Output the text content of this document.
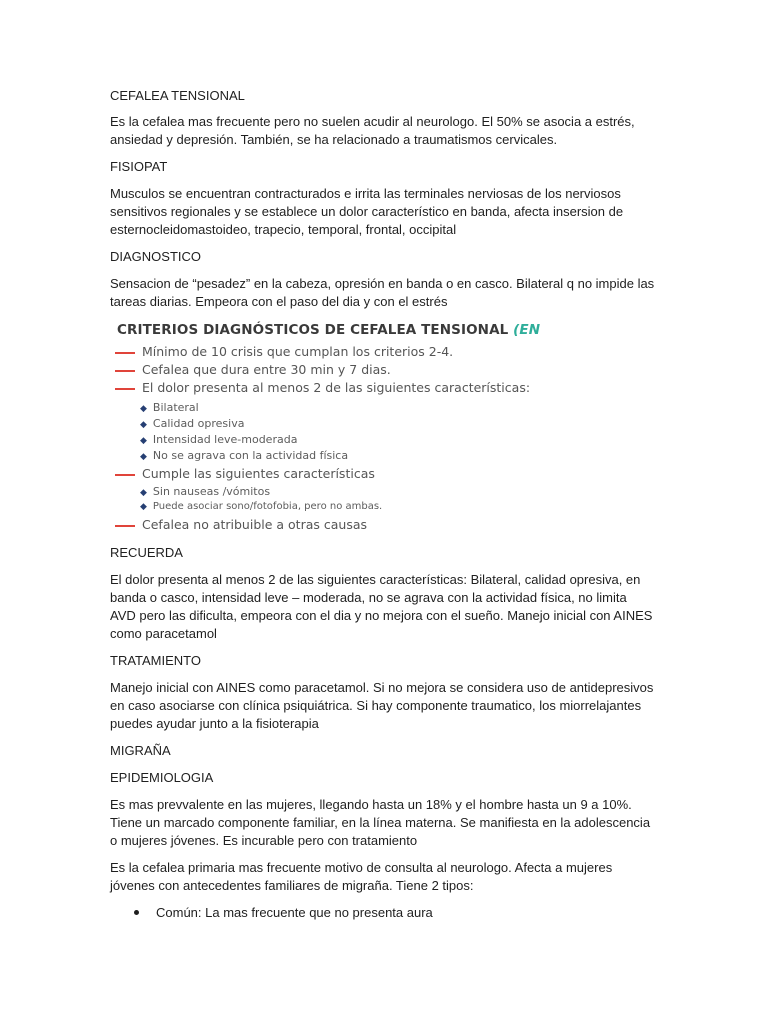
CEFALEA TENSIONAL

Es la cefalea mas frecuente pero no suelen acudir al neurologo. El 50% se asocia a estrés, ansiedad y depresión. También, se ha relacionado a traumatismos cervicales.

FISIOPAT

Musculos se encuentran contracturados e irrita las terminales nerviosas de los nerviosos sensitivos regionales y se establece un dolor característico en banda, afecta insersion de esternocleidomastoideo, trapecio, temporal, frontal, occipital

DIAGNOSTICO

Sensacion de “pesadez” en la cabeza, opresión en banda o en casco. Bilateral q no impide las tareas diarias. Empeora con el paso del dia y con el estrés

CRITERIOS DIAGNÓSTICOS DE CEFALEA TENSIONAL (EN
Mínimo de 10 crisis que cumplan los criterios 2-4.
Cefalea que dura entre 30 min y 7 dias.
El dolor presenta al menos 2 de las siguientes características:
◆ Bilateral
◆ Calidad opresiva
◆ Intensidad leve-moderada
◆ No se agrava con la actividad física
Cumple las siguientes características
◆ Sin nauseas /vómitos
◆ Puede asociar sono/fotofobia, pero no ambas.
Cefalea no atribuible a otras causas

RECUERDA

El dolor presenta al menos 2 de las siguientes características: Bilateral, calidad opresiva, en banda o casco, intensidad leve – moderada, no se agrava con la actividad física, no limita AVD pero las dificulta, empeora con el dia y no mejora con el sueño. Manejo inicial con AINES como paracetamol

TRATAMIENTO

Manejo inicial con AINES como paracetamol. Si no mejora se considera uso de antidepresivos en caso asociarse con clínica psiquiátrica. Si hay componente traumatico, los miorrelajantes puedes ayudar junto a la fisioterapia

MIGRAÑA

EPIDEMIOLOGIA

Es mas prevvalente en las mujeres, llegando hasta un 18% y el hombre hasta un 9 a 10%. Tiene un marcado componente familiar, en la línea materna. Se manifiesta en la adolescencia o mujeres jóvenes. Es incurable pero con tratamiento

Es la cefalea primaria mas frecuente motivo de consulta al neurologo. Afecta a mujeres jóvenes con antecedentes familiares de migraña. Tiene 2 tipos:

Común: La mas frecuente que no presenta aura
